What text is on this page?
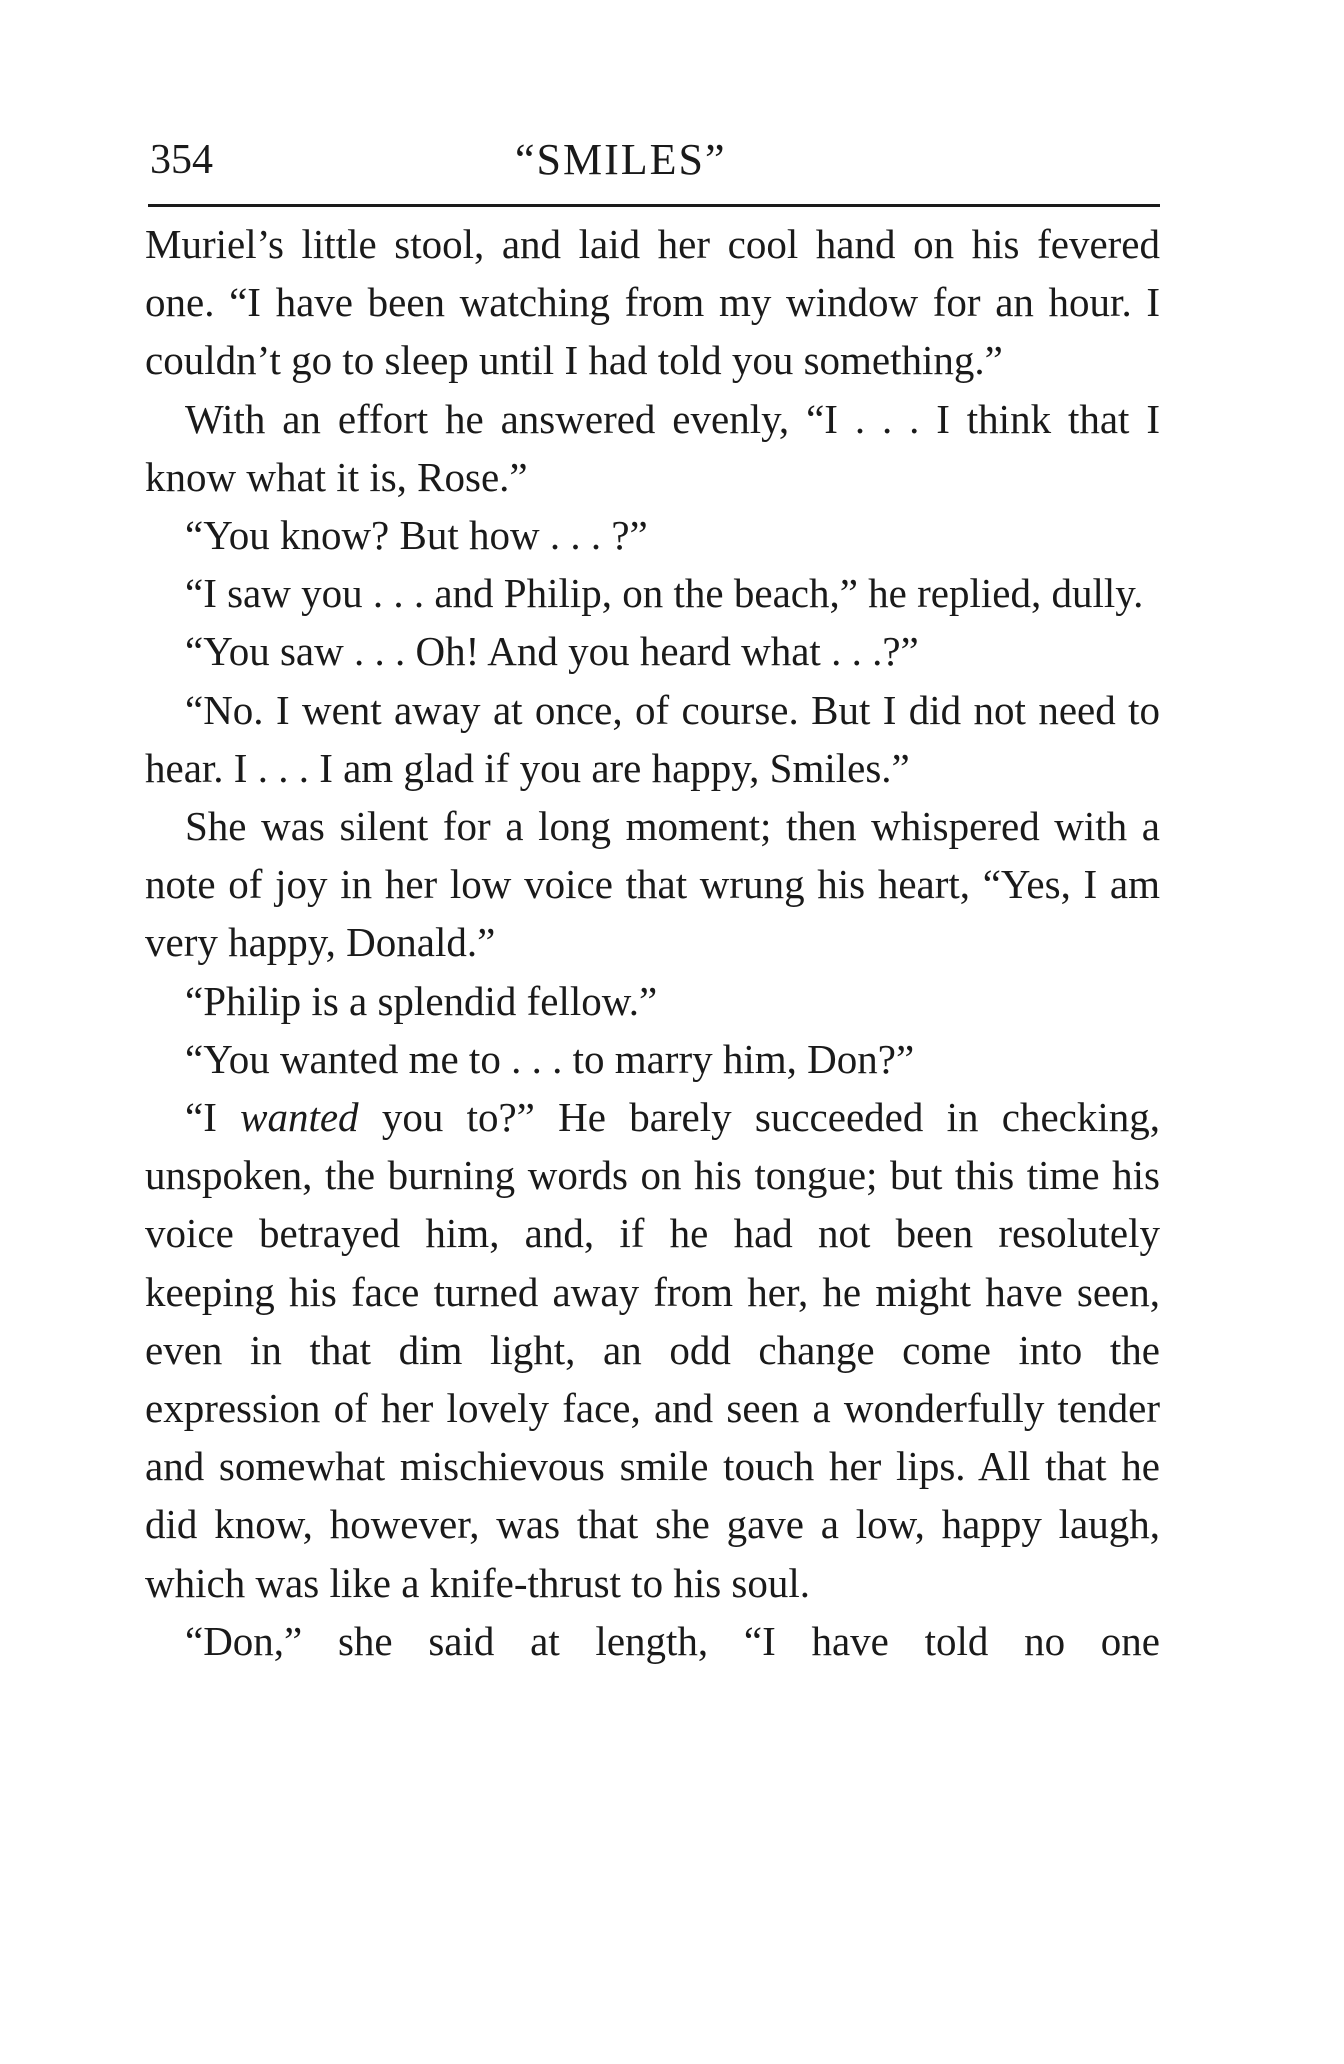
354	“SMILES”

Muriel’s little stool, and laid her cool hand on his fevered one. “I have been watching from my window for an hour. I couldn’t go to sleep until I had told you something.”

With an effort he answered evenly, “I . . . I think that I know what it is, Rose.”

“You know? But how . . . ?”

“I saw you . . . and Philip, on the beach,” he replied, dully.

“You saw . . . Oh! And you heard what . . .?”

“No. I went away at once, of course. But I did not need to hear. I . . . I am glad if you are happy, Smiles.”

She was silent for a long moment; then whispered with a note of joy in her low voice that wrung his heart, “Yes, I am very happy, Donald.”

“Philip is a splendid fellow.”

“You wanted me to . . . to marry him, Don?”

“I wanted you to?” He barely succeeded in checking, unspoken, the burning words on his tongue; but this time his voice betrayed him, and, if he had not been resolutely keeping his face turned away from her, he might have seen, even in that dim light, an odd change come into the expression of her lovely face, and seen a wonderfully tender and somewhat mischievous smile touch her lips. All that he did know, however, was that she gave a low, happy laugh, which was like a knife-thrust to his soul.

“Don,” she said at length, “I have told no one
